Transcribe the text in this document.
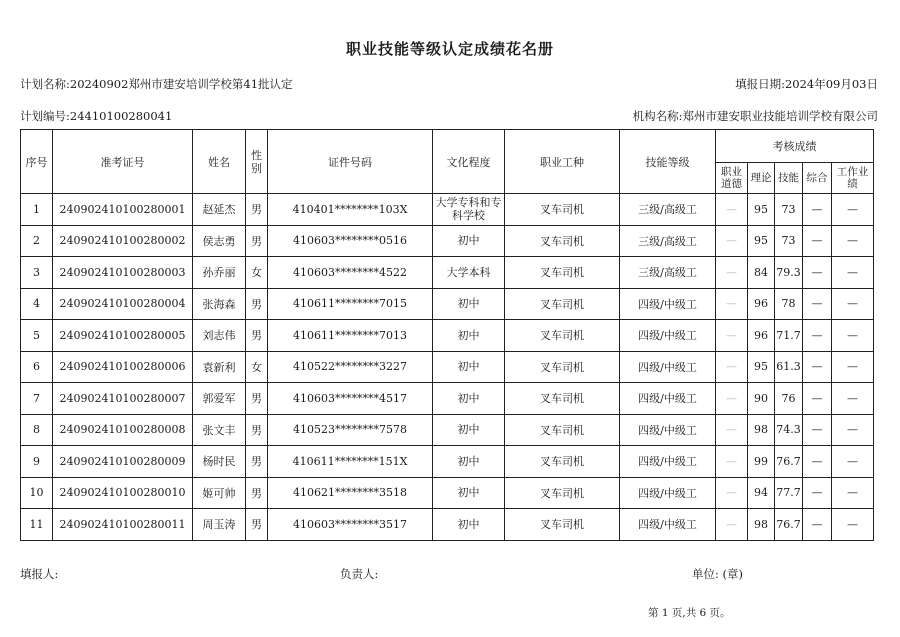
职业技能等级认定成绩花名册
计划名称:20240902郑州市建安培训学校第41批认定	填报日期:2024年09月03日
计划编号:24410100280041	机构名称:郑州市建安职业技能培训学校有限公司
序号	准考证号	姓名	性别	证件号码	文化程度	职业工种	技能等级	考核成绩				
								职业道德	理论	技能	综合	工作业绩
1	240902410100280001	赵延杰	男	410401********103X	大学专科和专科学校	叉车司机	三级/高级工	—	95	73	—	—
2	240902410100280002	侯志勇	男	410603********0516	初中	叉车司机	三级/高级工	—	95	73	—	—
3	240902410100280003	孙乔丽	女	410603********4522	大学本科	叉车司机	三级/高级工	—	84	79.3	—	—
4	240902410100280004	张海森	男	410611********7015	初中	叉车司机	四级/中级工	—	96	78	—	—
5	240902410100280005	刘志伟	男	410611********7013	初中	叉车司机	四级/中级工	—	96	71.7	—	—
6	240902410100280006	袁新利	女	410522********3227	初中	叉车司机	四级/中级工	—	95	61.3	—	—
7	240902410100280007	郭爱军	男	410603********4517	初中	叉车司机	四级/中级工	—	90	76	—	—
8	240902410100280008	张文丰	男	410523********7578	初中	叉车司机	四级/中级工	—	98	74.3	—	—
9	240902410100280009	杨时民	男	410611********151X	初中	叉车司机	四级/中级工	—	99	76.7	—	—
10	240902410100280010	姬可帅	男	410621********3518	初中	叉车司机	四级/中级工	—	94	77.7	—	—
11	240902410100280011	周玉涛	男	410603********3517	初中	叉车司机	四级/中级工	—	98	76.7	—	—
填报人:	负责人:	单位: (章)
第 1 页,共 6 页。
